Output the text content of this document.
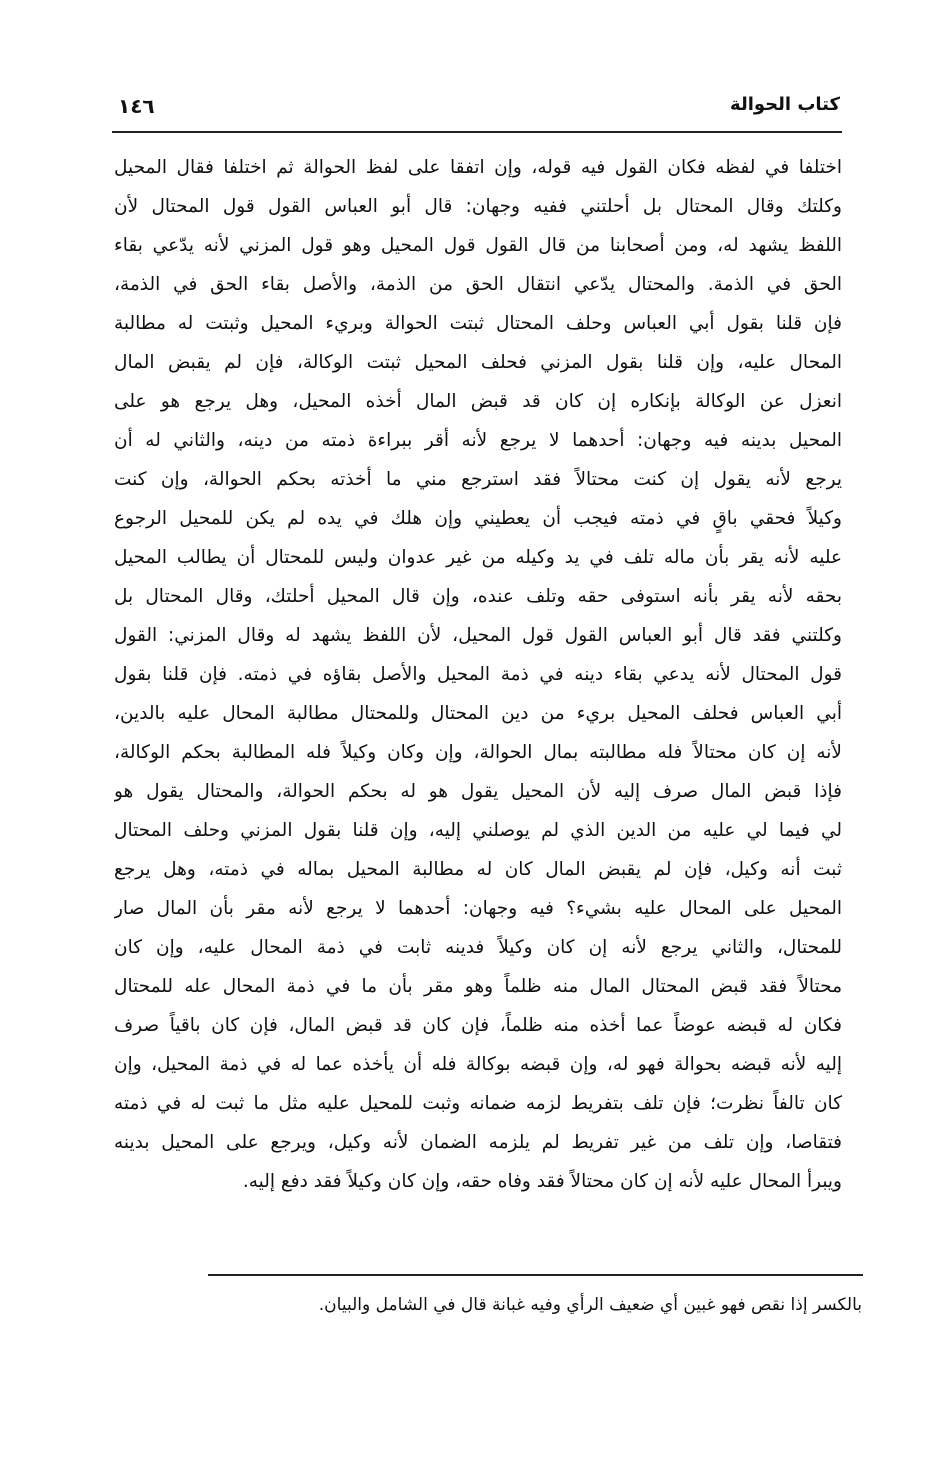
١٤٦	كتاب الحوالة
اختلفا في لفظه فكان القول فيه قوله، وإن اتفقا على لفظ الحوالة ثم اختلفا فقال المحيل
وكلتك وقال المحتال بل أحلتني ففيه وجهان: قال أبو العباس القول قول المحتال لأن
اللفظ يشهد له، ومن أصحابنا من قال القول قول المحيل وهو قول المزني لأنه يدّعي بقاء
الحق في الذمة. والمحتال يدّعي انتقال الحق من الذمة، والأصل بقاء الحق في الذمة،
فإن قلنا بقول أبي العباس وحلف المحتال ثبتت الحوالة وبريء المحيل وثبتت له مطالبة
المحال عليه، وإن قلنا بقول المزني فحلف المحيل ثبتت الوكالة، فإن لم يقبض المال
انعزل عن الوكالة بإنكاره إن كان قد قبض المال أخذه المحيل، وهل يرجع هو على
المحيل بدينه فيه وجهان: أحدهما لا يرجع لأنه أقر ببراءة ذمته من دينه، والثاني له أن
يرجع لأنه يقول إن كنت محتالاً فقد استرجع مني ما أخذته بحكم الحوالة، وإن كنت
وكيلاً فحقي باقٍ في ذمته فيجب أن يعطيني وإن هلك في يده لم يكن للمحيل الرجوع
عليه لأنه يقر بأن ماله تلف في يد وكيله من غير عدوان وليس للمحتال أن يطالب المحيل
بحقه لأنه يقر بأنه استوفى حقه وتلف عنده، وإن قال المحيل أحلتك، وقال المحتال بل
وكلتني فقد قال أبو العباس القول قول المحيل، لأن اللفظ يشهد له وقال المزني: القول
قول المحتال لأنه يدعي بقاء دينه في ذمة المحيل والأصل بقاؤه في ذمته. فإن قلنا بقول
أبي العباس فحلف المحيل بريء من دين المحتال وللمحتال مطالبة المحال عليه بالدين،
لأنه إن كان محتالاً فله مطالبته بمال الحوالة، وإن وكان وكيلاً فله المطالبة بحكم الوكالة،
فإذا قبض المال صرف إليه لأن المحيل يقول هو له بحكم الحوالة، والمحتال يقول هو
لي فيما لي عليه من الدين الذي لم يوصلني إليه، وإن قلنا بقول المزني وحلف المحتال
ثبت أنه وكيل، فإن لم يقبض المال كان له مطالبة المحيل بماله في ذمته، وهل يرجع
المحيل على المحال عليه بشيء؟ فيه وجهان: أحدهما لا يرجع لأنه مقر بأن المال صار
للمحتال، والثاني يرجع لأنه إن كان وكيلاً فدينه ثابت في ذمة المحال عليه، وإن كان
محتالاً فقد قبض المحتال المال منه ظلماً وهو مقر بأن ما في ذمة المحال عله للمحتال
فكان له قبضه عوضاً عما أخذه منه ظلماً، فإن كان قد قبض المال، فإن كان باقياً صرف
إليه لأنه قبضه بحوالة فهو له، وإن قبضه بوكالة فله أن يأخذه عما له في ذمة المحيل، وإن
كان تالفاً نظرت؛ فإن تلف بتفريط لزمه ضمانه وثبت للمحيل عليه مثل ما ثبت له في ذمته
فتقاصا، وإن تلف من غير تفريط لم يلزمه الضمان لأنه وكيل، ويرجع على المحيل بدينه
ويبرأ المحال عليه لأنه إن كان محتالاً فقد وفاه حقه، وإن كان وكيلاً فقد دفع إليه.
بالكسر إذا نقص فهو غبين أي ضعيف الرأي وفيه غبانة قال في الشامل والبيان.
